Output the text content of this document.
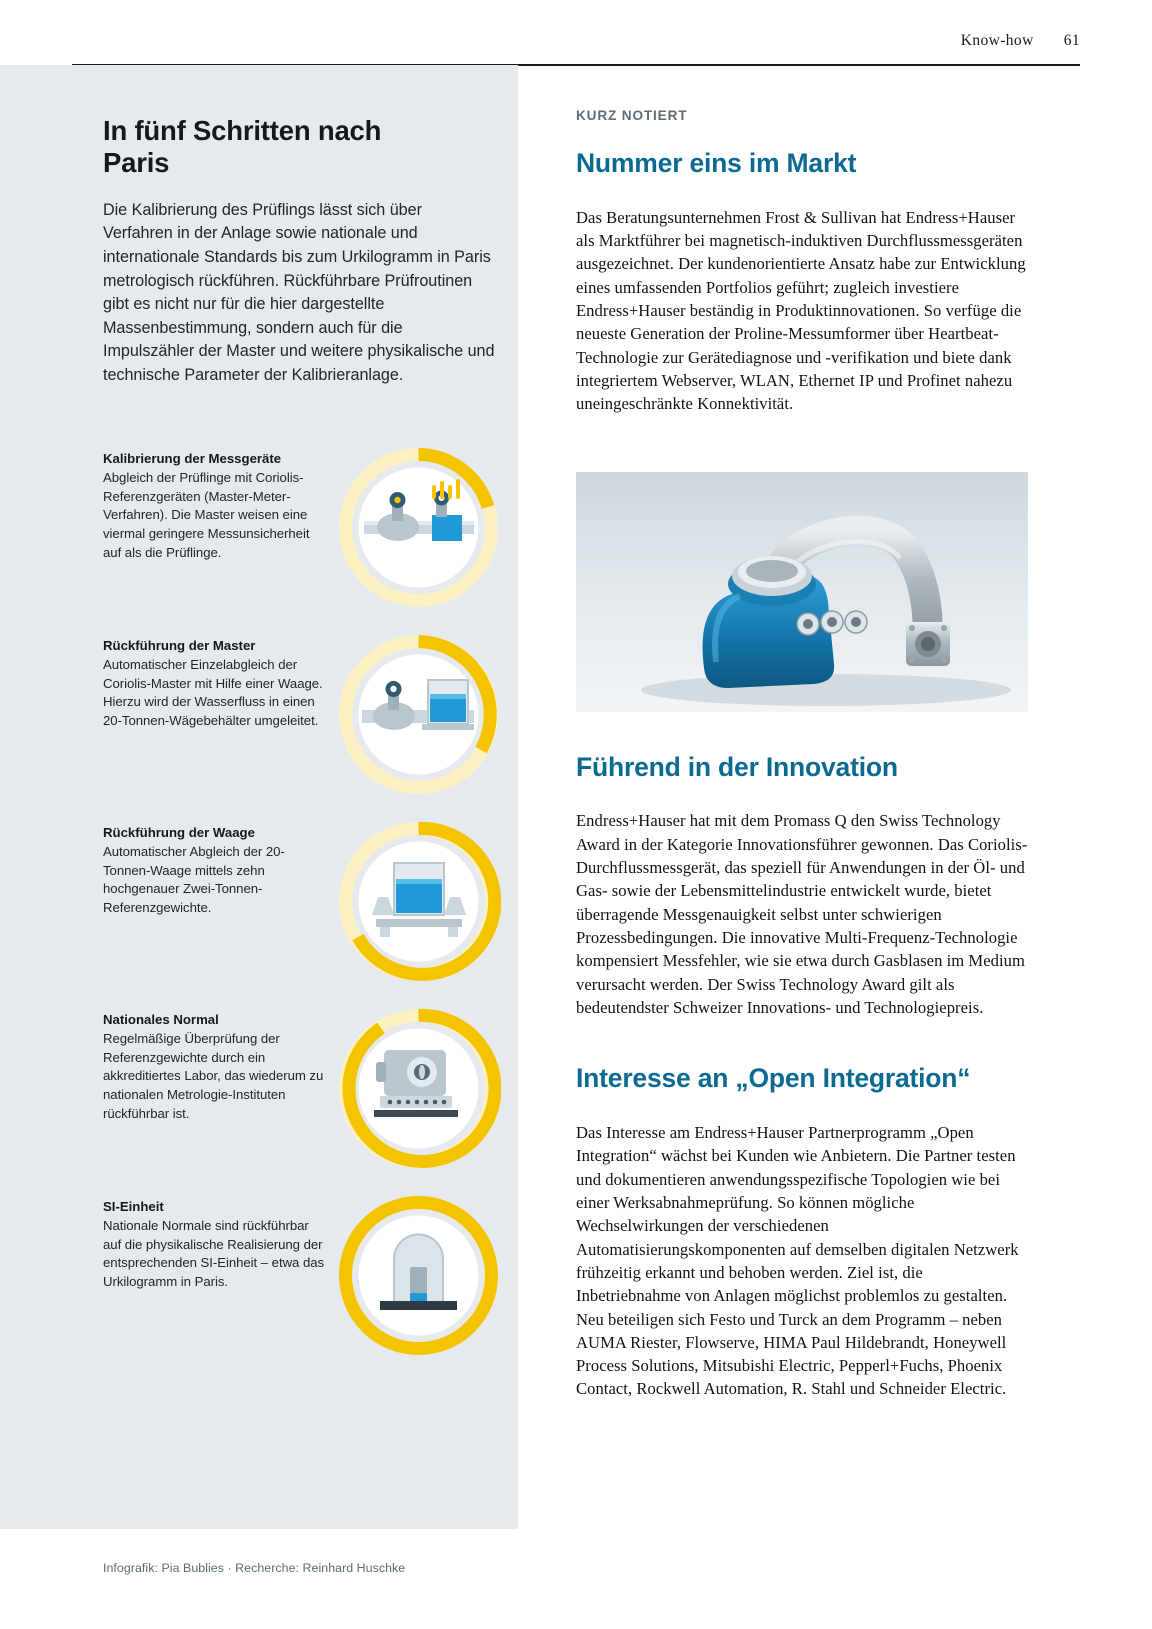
Know-how 61
In fünf Schritten nach Paris

Die Kalibrierung des Prüflings lässt sich über Verfahren in der Anlage sowie nationale und internationale Standards bis zum Urkilogramm in Paris metrologisch rückführen. Rückführbare Prüfroutinen gibt es nicht nur für die hier dargestellte Massenbestimmung, sondern auch für die Impulszähler der Master und weitere physikalische und technische Parameter der Kalibrieranlage.

Kalibrierung der Messgeräte

Abgleich der Prüflinge mit Coriolis-Referenzgeräten (Master-Meter-Verfahren). Die Master weisen eine viermal geringere Messunsicherheit auf als die Prüflinge.

Rückführung der Master

Automatischer Einzelabgleich der Coriolis-Master mit Hilfe einer Waage. Hierzu wird der Wasserfluss in einen 20-Tonnen-Wägebehälter umgeleitet.

Rückführung der Waage

Automatischer Abgleich der 20-Tonnen-Waage mittels zehn hochgenauer Zwei-Tonnen-Referenzgewichte.

Nationales Normal

Regelmäßige Überprüfung der Referenzgewichte durch ein akkreditiertes Labor, das wiederum zu nationalen Metrologie-Instituten rückführbar ist.

SI-Einheit

Nationale Normale sind rückführbar auf die physikalische Realisierung der entsprechenden SI-Einheit – etwa das Urkilogramm in Paris.

Infografik: Pia Bublies · Recherche: Reinhard Huschke

KURZ NOTIERT

Nummer eins im Markt

Das Beratungsunternehmen Frost & Sullivan hat Endress+Hauser als Marktführer bei magnetisch-induktiven Durchflussmessgeräten ausgezeichnet. Der kundenorientierte Ansatz habe zur Entwicklung eines umfassenden Portfolios geführt; zugleich investiere Endress+Hauser beständig in Produktinnovationen. So verfüge die neueste Generation der Proline-Messumformer über Heartbeat-Technologie zur Gerätediagnose und -verifikation und biete dank integriertem Webserver, WLAN, Ethernet IP und Profinet nahezu uneingeschränkte Konnektivität.

Führend in der Innovation

Endress+Hauser hat mit dem Promass Q den Swiss Technology Award in der Kategorie Innovationsführer gewonnen. Das Coriolis-Durchflussmessgerät, das speziell für Anwendungen in der Öl- und Gas- sowie der Lebensmittelindustrie entwickelt wurde, bietet überragende Messgenauigkeit selbst unter schwierigen Prozessbedingungen. Die innovative Multi-Frequenz-Technologie kompensiert Messfehler, wie sie etwa durch Gasblasen im Medium verursacht werden. Der Swiss Technology Award gilt als bedeutendster Schweizer Innovations- und Technologiepreis.

Interesse an „Open Integration“

Das Interesse am Endress+Hauser Partnerprogramm „Open Integration“ wächst bei Kunden wie Anbietern. Die Partner testen und dokumentieren anwendungsspezifische Topologien wie bei einer Werksabnahmeprüfung. So können mögliche Wechselwirkungen der verschiedenen Automatisierungskomponenten auf demselben digitalen Netzwerk frühzeitig erkannt und behoben werden. Ziel ist, die Inbetriebnahme von Anlagen möglichst problemlos zu gestalten. Neu beteiligen sich Festo und Turck an dem Programm – neben AUMA Riester, Flowserve, HIMA Paul Hildebrandt, Honeywell Process Solutions, Mitsubishi Electric, Pepperl+Fuchs, Phoenix Contact, Rockwell Automation, R. Stahl und Schneider Electric.
